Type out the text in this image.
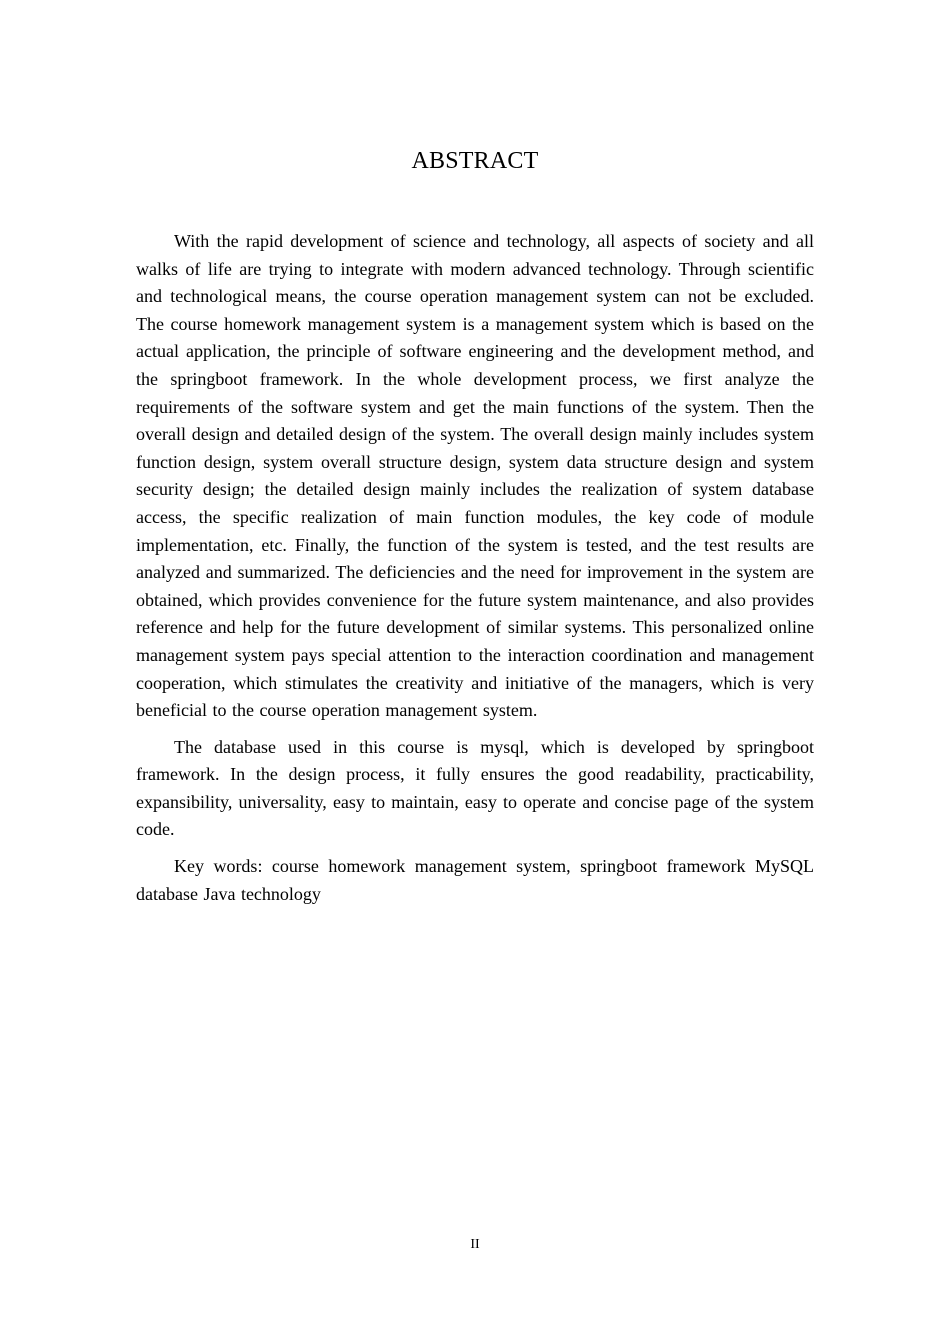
ABSTRACT

With the rapid development of science and technology, all aspects of society and all walks of life are trying to integrate with modern advanced technology. Through scientific and technological means, the course operation management system can not be excluded. The course homework management system is a management system which is based on the actual application, the principle of software engineering and the development method, and the springboot framework. In the whole development process, we first analyze the requirements of the software system and get the main functions of the system. Then the overall design and detailed design of the system. The overall design mainly includes system function design, system overall structure design, system data structure design and system security design; the detailed design mainly includes the realization of system database access, the specific realization of main function modules, the key code of module implementation, etc. Finally, the function of the system is tested, and the test results are analyzed and summarized. The deficiencies and the need for improvement in the system are obtained, which provides convenience for the future system maintenance, and also provides reference and help for the future development of similar systems. This personalized online management system pays special attention to the interaction coordination and management cooperation, which stimulates the creativity and initiative of the managers, which is very beneficial to the course operation management system.

The database used in this course is mysql, which is developed by springboot framework. In the design process, it fully ensures the good readability, practicability, expansibility, universality, easy to maintain, easy to operate and concise page of the system code.

Key words: course homework management system, springboot framework MySQL database Java technology

II
